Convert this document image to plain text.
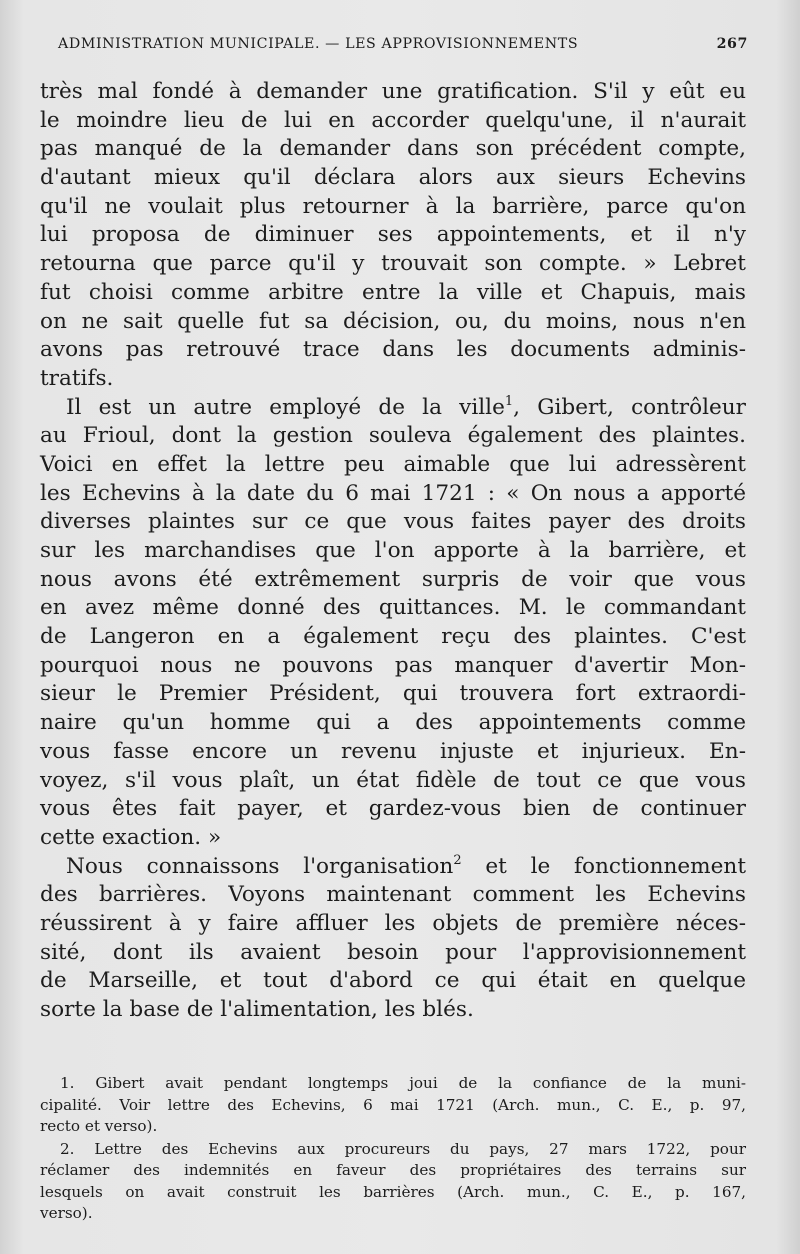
ADMINISTRATION MUNICIPALE. — LES APPROVISIONNEMENTS	267
très mal fondé à demander une gratification. S'il y eût eu
le moindre lieu de lui en accorder quelqu'une, il n'aurait
pas manqué de la demander dans son précédent compte,
d'autant mieux qu'il déclara alors aux sieurs Echevins
qu'il ne voulait plus retourner à la barrière, parce qu'on
lui proposa de diminuer ses appointements, et il n'y
retourna que parce qu'il y trouvait son compte. » Lebret
fut choisi comme arbitre entre la ville et Chapuis, mais
on ne sait quelle fut sa décision, ou, du moins, nous n'en
avons pas retrouvé trace dans les documents adminis-
tratifs.
Il est un autre employé de la ville$^1$, Gibert, contrôleur
au Frioul, dont la gestion souleva également des plaintes.
Voici en effet la lettre peu aimable que lui adressèrent
les Echevins à la date du 6 mai 1721 : « On nous a apporté
diverses plaintes sur ce que vous faites payer des droits
sur les marchandises que l'on apporte à la barrière, et
nous avons été extrêmement surpris de voir que vous
en avez même donné des quittances. M. le commandant
de Langeron en a également reçu des plaintes. C'est
pourquoi nous ne pouvons pas manquer d'avertir Mon-
sieur le Premier Président, qui trouvera fort extraordi-
naire qu'un homme qui a des appointements comme
vous fasse encore un revenu injuste et injurieux. En-
voyez, s'il vous plaît, un état fidèle de tout ce que vous
vous êtes fait payer, et gardez-vous bien de continuer
cette exaction. »
Nous connaissons l'organisation$^2$ et le fonctionnement
des barrières. Voyons maintenant comment les Echevins
réussirent à y faire affluer les objets de première néces-
sité, dont ils avaient besoin pour l'approvisionnement
de Marseille, et tout d'abord ce qui était en quelque
sorte la base de l'alimentation, les blés.
1. Gibert avait pendant longtemps joui de la confiance de la muni-
cipalité. Voir lettre des Echevins, 6 mai 1721 (Arch. mun., C. E., p. 97,
recto et verso).
2. Lettre des Echevins aux procureurs du pays, 27 mars 1722, pour
réclamer des indemnités en faveur des propriétaires des terrains sur
lesquels on avait construit les barrières (Arch. mun., C. E., p. 167,
verso).
